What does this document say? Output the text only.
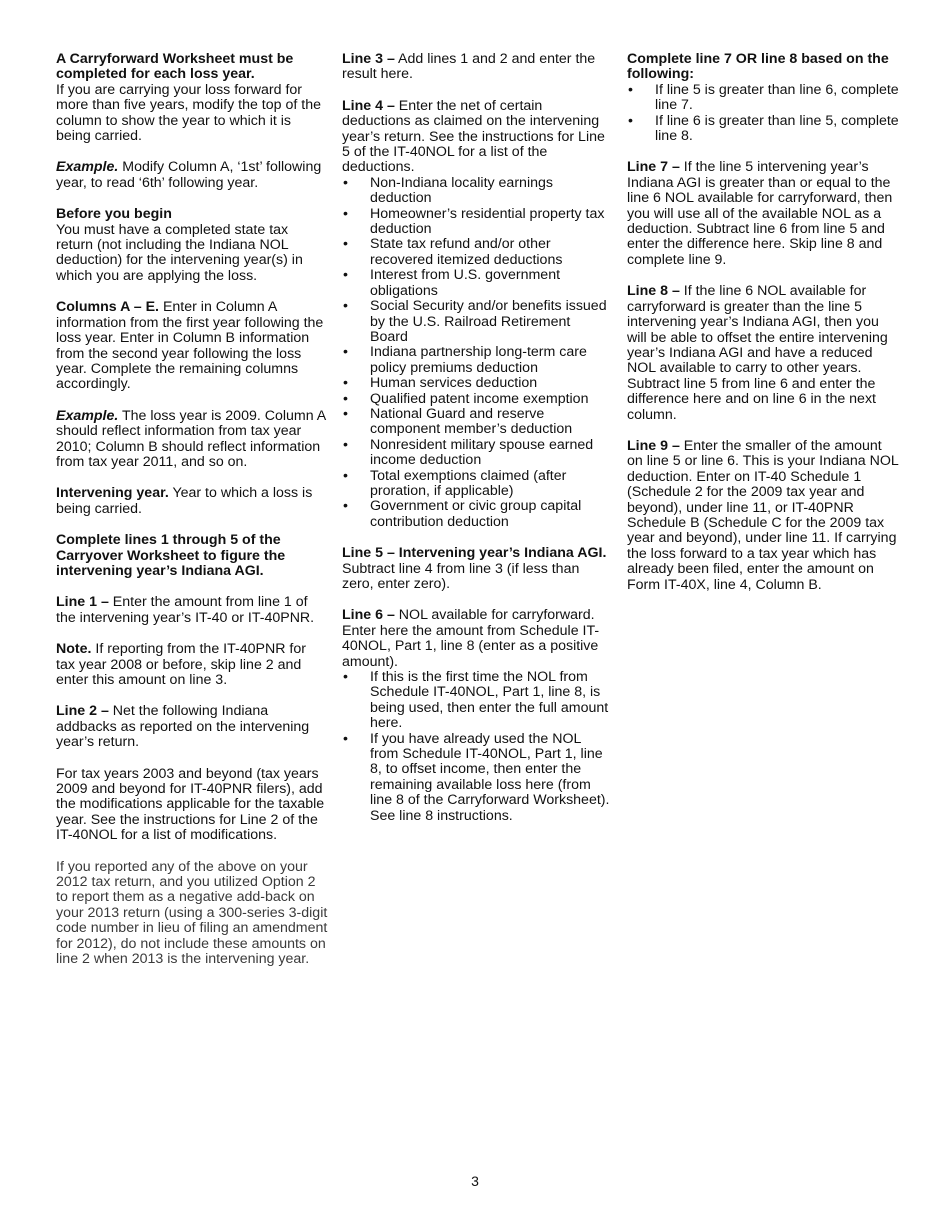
A Carryforward Worksheet must be completed for each loss year.
If you are carrying your loss forward for more than five years, modify the top of the column to show the year to which it is being carried.

Example. Modify Column A, ‘1st’ following year, to read ‘6th’ following year.

Before you begin
You must have a completed state tax return (not including the Indiana NOL deduction) for the intervening year(s) in which you are applying the loss.

Columns A – E. Enter in Column A information from the first year following the loss year. Enter in Column B information from the second year following the loss year. Complete the remaining columns accordingly.

Example. The loss year is 2009. Column A should reflect information from tax year 2010; Column B should reflect information from tax year 2011, and so on.

Intervening year. Year to which a loss is being carried.

Complete lines 1 through 5 of the Carryover Worksheet to figure the intervening year’s Indiana AGI.

Line 1 – Enter the amount from line 1 of the intervening year’s IT-40 or IT-40PNR.

Note. If reporting from the IT-40PNR for tax year 2008 or before, skip line 2 and enter this amount on line 3.

Line 2 – Net the following Indiana addbacks as reported on the intervening year’s return.

For tax years 2003 and beyond (tax years 2009 and beyond for IT-40PNR filers), add the modifications applicable for the taxable year. See the instructions for Line 2 of the IT-40NOL for a list of modifications.

If you reported any of the above on your 2012 tax return, and you utilized Option 2 to report them as a negative add-back on your 2013 return (using a 300-series 3-digit code number in lieu of filing an amendment for 2012), do not include these amounts on line 2 when 2013 is the intervening year.

Line 3 – Add lines 1 and 2 and enter the result here.

Line 4 – Enter the net of certain deductions as claimed on the intervening year’s return. See the instructions for Line 5 of the IT-40NOL for a list of the deductions.

• Non-Indiana locality earnings deduction
• Homeowner’s residential property tax deduction
• State tax refund and/or other recovered itemized deductions
• Interest from U.S. government obligations
• Social Security and/or benefits issued by the U.S. Railroad Retirement Board
• Indiana partnership long-term care policy premiums deduction
• Human services deduction
• Qualified patent income exemption
• National Guard and reserve component member’s deduction
• Nonresident military spouse earned income deduction
• Total exemptions claimed (after proration, if applicable)
• Government or civic group capital contribution deduction

Line 5 – Intervening year’s Indiana AGI.
Subtract line 4 from line 3 (if less than zero, enter zero).

Line 6 – NOL available for carryforward. Enter here the amount from Schedule IT-40NOL, Part 1, line 8 (enter as a positive amount).

• If this is the first time the NOL from Schedule IT-40NOL, Part 1, line 8, is being used, then enter the full amount here.
• If you have already used the NOL from Schedule IT-40NOL, Part 1, line 8, to offset income, then enter the remaining available loss here (from line 8 of the Carryforward Worksheet). See line 8 instructions.

Complete line 7 OR line 8 based on the following:

• If line 5 is greater than line 6, complete line 7.
• If line 6 is greater than line 5, complete line 8.

Line 7 – If the line 5 intervening year’s Indiana AGI is greater than or equal to the line 6 NOL available for carryforward, then you will use all of the available NOL as a deduction. Subtract line 6 from line 5 and enter the difference here. Skip line 8 and complete line 9.

Line 8 – If the line 6 NOL available for carryforward is greater than the line 5 intervening year’s Indiana AGI, then you will be able to offset the entire intervening year’s Indiana AGI and have a reduced NOL available to carry to other years. Subtract line 5 from line 6 and enter the difference here and on line 6 in the next column.

Line 9 – Enter the smaller of the amount on line 5 or line 6. This is your Indiana NOL deduction. Enter on IT-40 Schedule 1 (Schedule 2 for the 2009 tax year and beyond), under line 11, or IT-40PNR Schedule B (Schedule C for the 2009 tax year and beyond), under line 11. If carrying the loss forward to a tax year which has already been filed, enter the amount on Form IT-40X, line 4, Column B.

3
